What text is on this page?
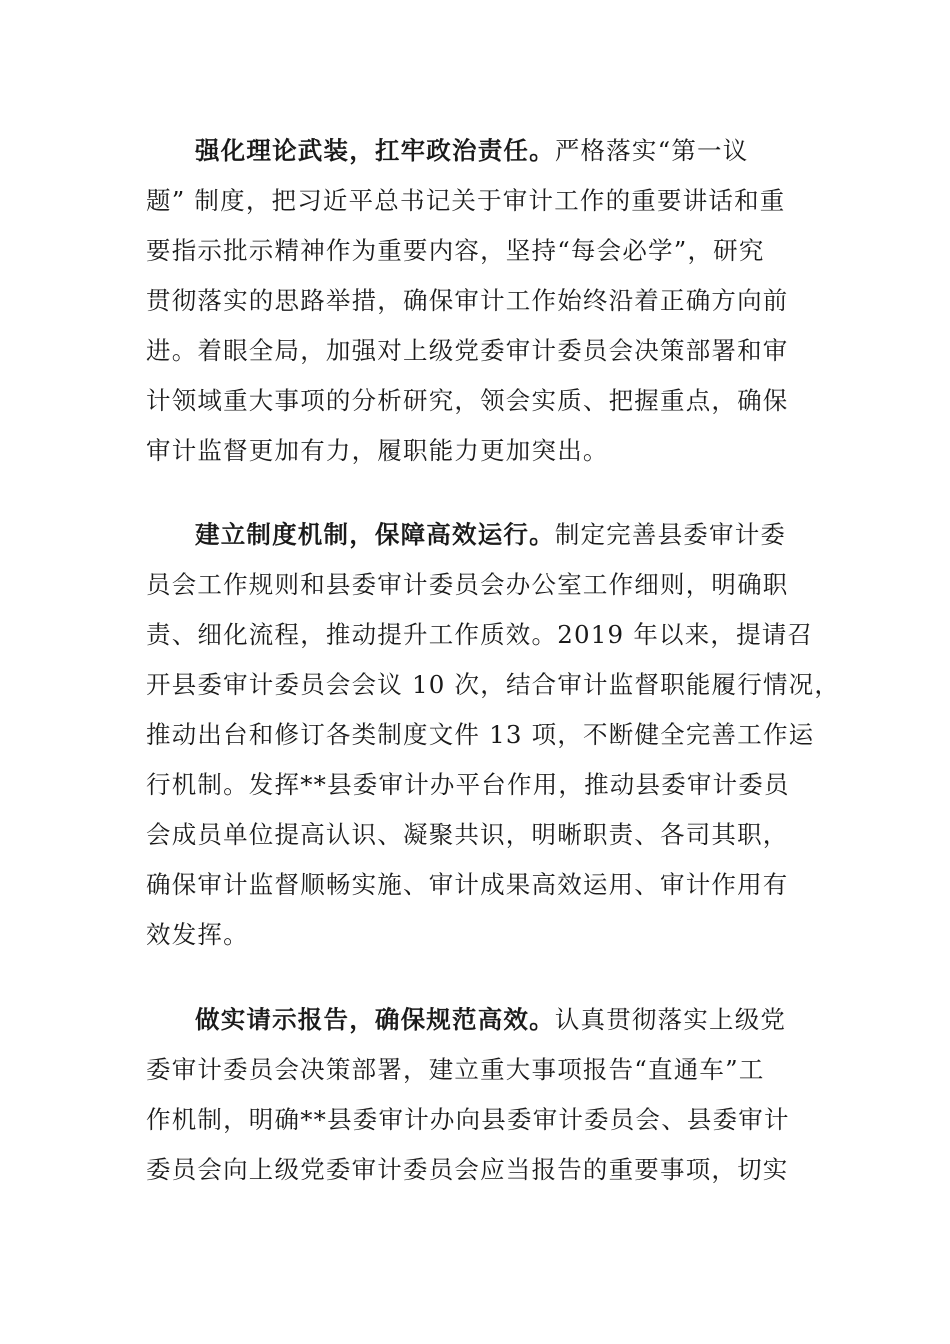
强化理论武装，扛牢政治责任。严格落实“第一议
题” 制度，把习近平总书记关于审计工作的重要讲话和重
要指示批示精神作为重要内容，坚持“每会必学”，研究
贯彻落实的思路举措，确保审计工作始终沿着正确方向前
进。着眼全局，加强对上级党委审计委员会决策部署和审
计领域重大事项的分析研究，领会实质、把握重点，确保
审计监督更加有力，履职能力更加突出。
建立制度机制，保障高效运行。制定完善县委审计委
员会工作规则和县委审计委员会办公室工作细则，明确职
责、细化流程，推动提升工作质效。2019 年以来，提请召
开县委审计委员会会议 10 次，结合审计监督职能履行情况，
推动出台和修订各类制度文件 13 项，不断健全完善工作运
行机制。发挥**县委审计办平台作用，推动县委审计委员
会成员单位提高认识、凝聚共识，明晰职责、各司其职，
确保审计监督顺畅实施、审计成果高效运用、审计作用有
效发挥。
做实请示报告，确保规范高效。认真贯彻落实上级党
委审计委员会决策部署，建立重大事项报告“直通车”工
作机制，明确**县委审计办向县委审计委员会、县委审计
委员会向上级党委审计委员会应当报告的重要事项，切实
